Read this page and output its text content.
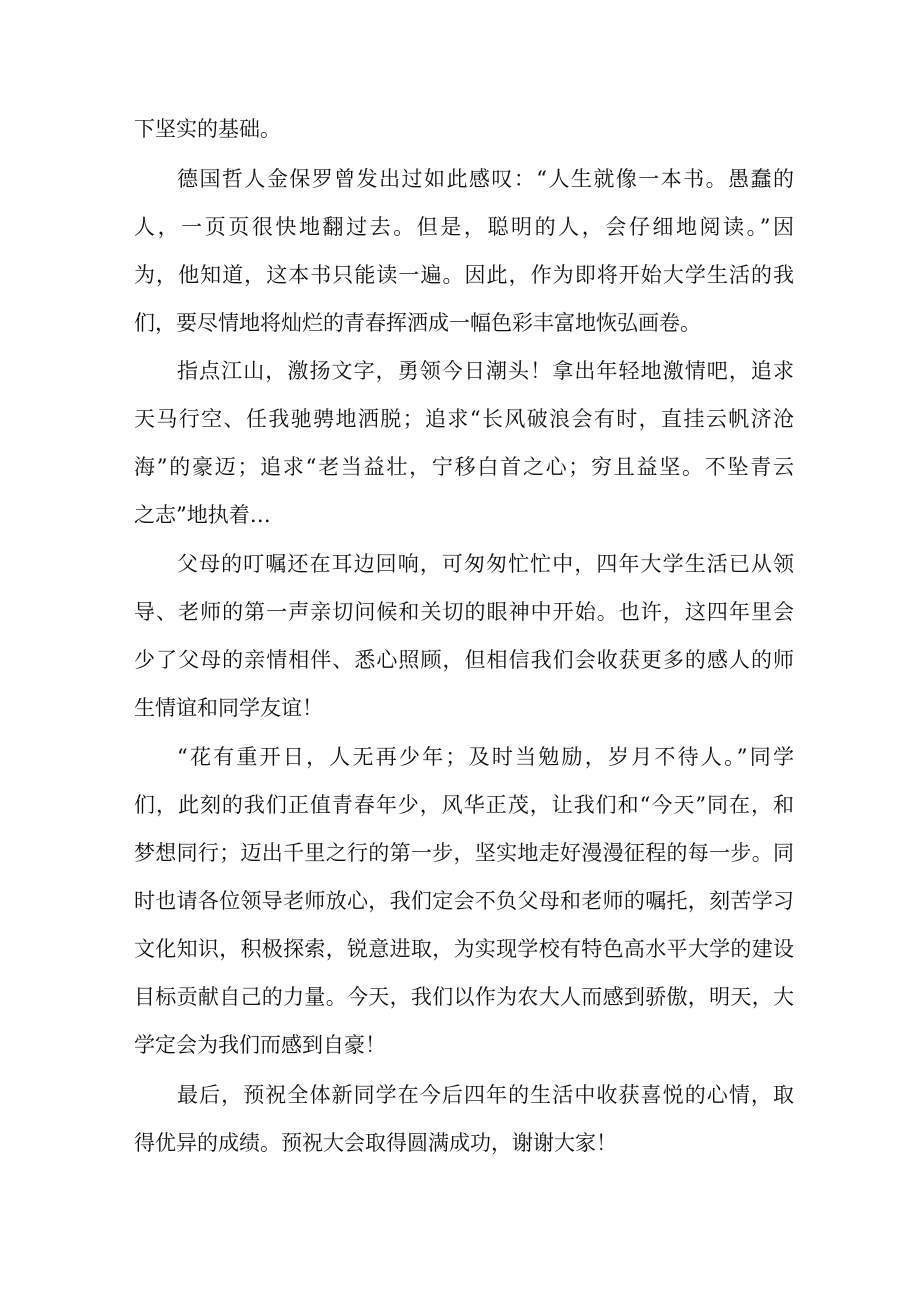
下坚实的基础。
德国哲人金保罗曾发出过如此感叹：“人生就像一本书。愚蠢的
人，一页页很快地翻过去。但是，聪明的人，会仔细地阅读。”因
为，他知道，这本书只能读一遍。因此，作为即将开始大学生活的我
们，要尽情地将灿烂的青春挥洒成一幅色彩丰富地恢弘画卷。
指点江山，激扬文字，勇领今日潮头！拿出年轻地激情吧，追求
天马行空、任我驰骋地洒脱；追求“长风破浪会有时，直挂云帆济沧
海”的豪迈；追求“老当益壮，宁移白首之心；穷且益坚。不坠青云
之志”地执着…
父母的叮嘱还在耳边回响，可匆匆忙忙中，四年大学生活已从领
导、老师的第一声亲切问候和关切的眼神中开始。也许，这四年里会
少了父母的亲情相伴、悉心照顾，但相信我们会收获更多的感人的师
生情谊和同学友谊！
“花有重开日，人无再少年；及时当勉励，岁月不待人。”同学
们，此刻的我们正值青春年少，风华正茂，让我们和“今天”同在，和
梦想同行；迈出千里之行的第一步，坚实地走好漫漫征程的每一步。同
时也请各位领导老师放心，我们定会不负父母和老师的嘱托，刻苦学习
文化知识，积极探索，锐意进取，为实现学校有特色高水平大学的建设
目标贡献自己的力量。今天，我们以作为农大人而感到骄傲，明天，大
学定会为我们而感到自豪！
最后，预祝全体新同学在今后四年的生活中收获喜悦的心情，取
得优异的成绩。预祝大会取得圆满成功，谢谢大家！
